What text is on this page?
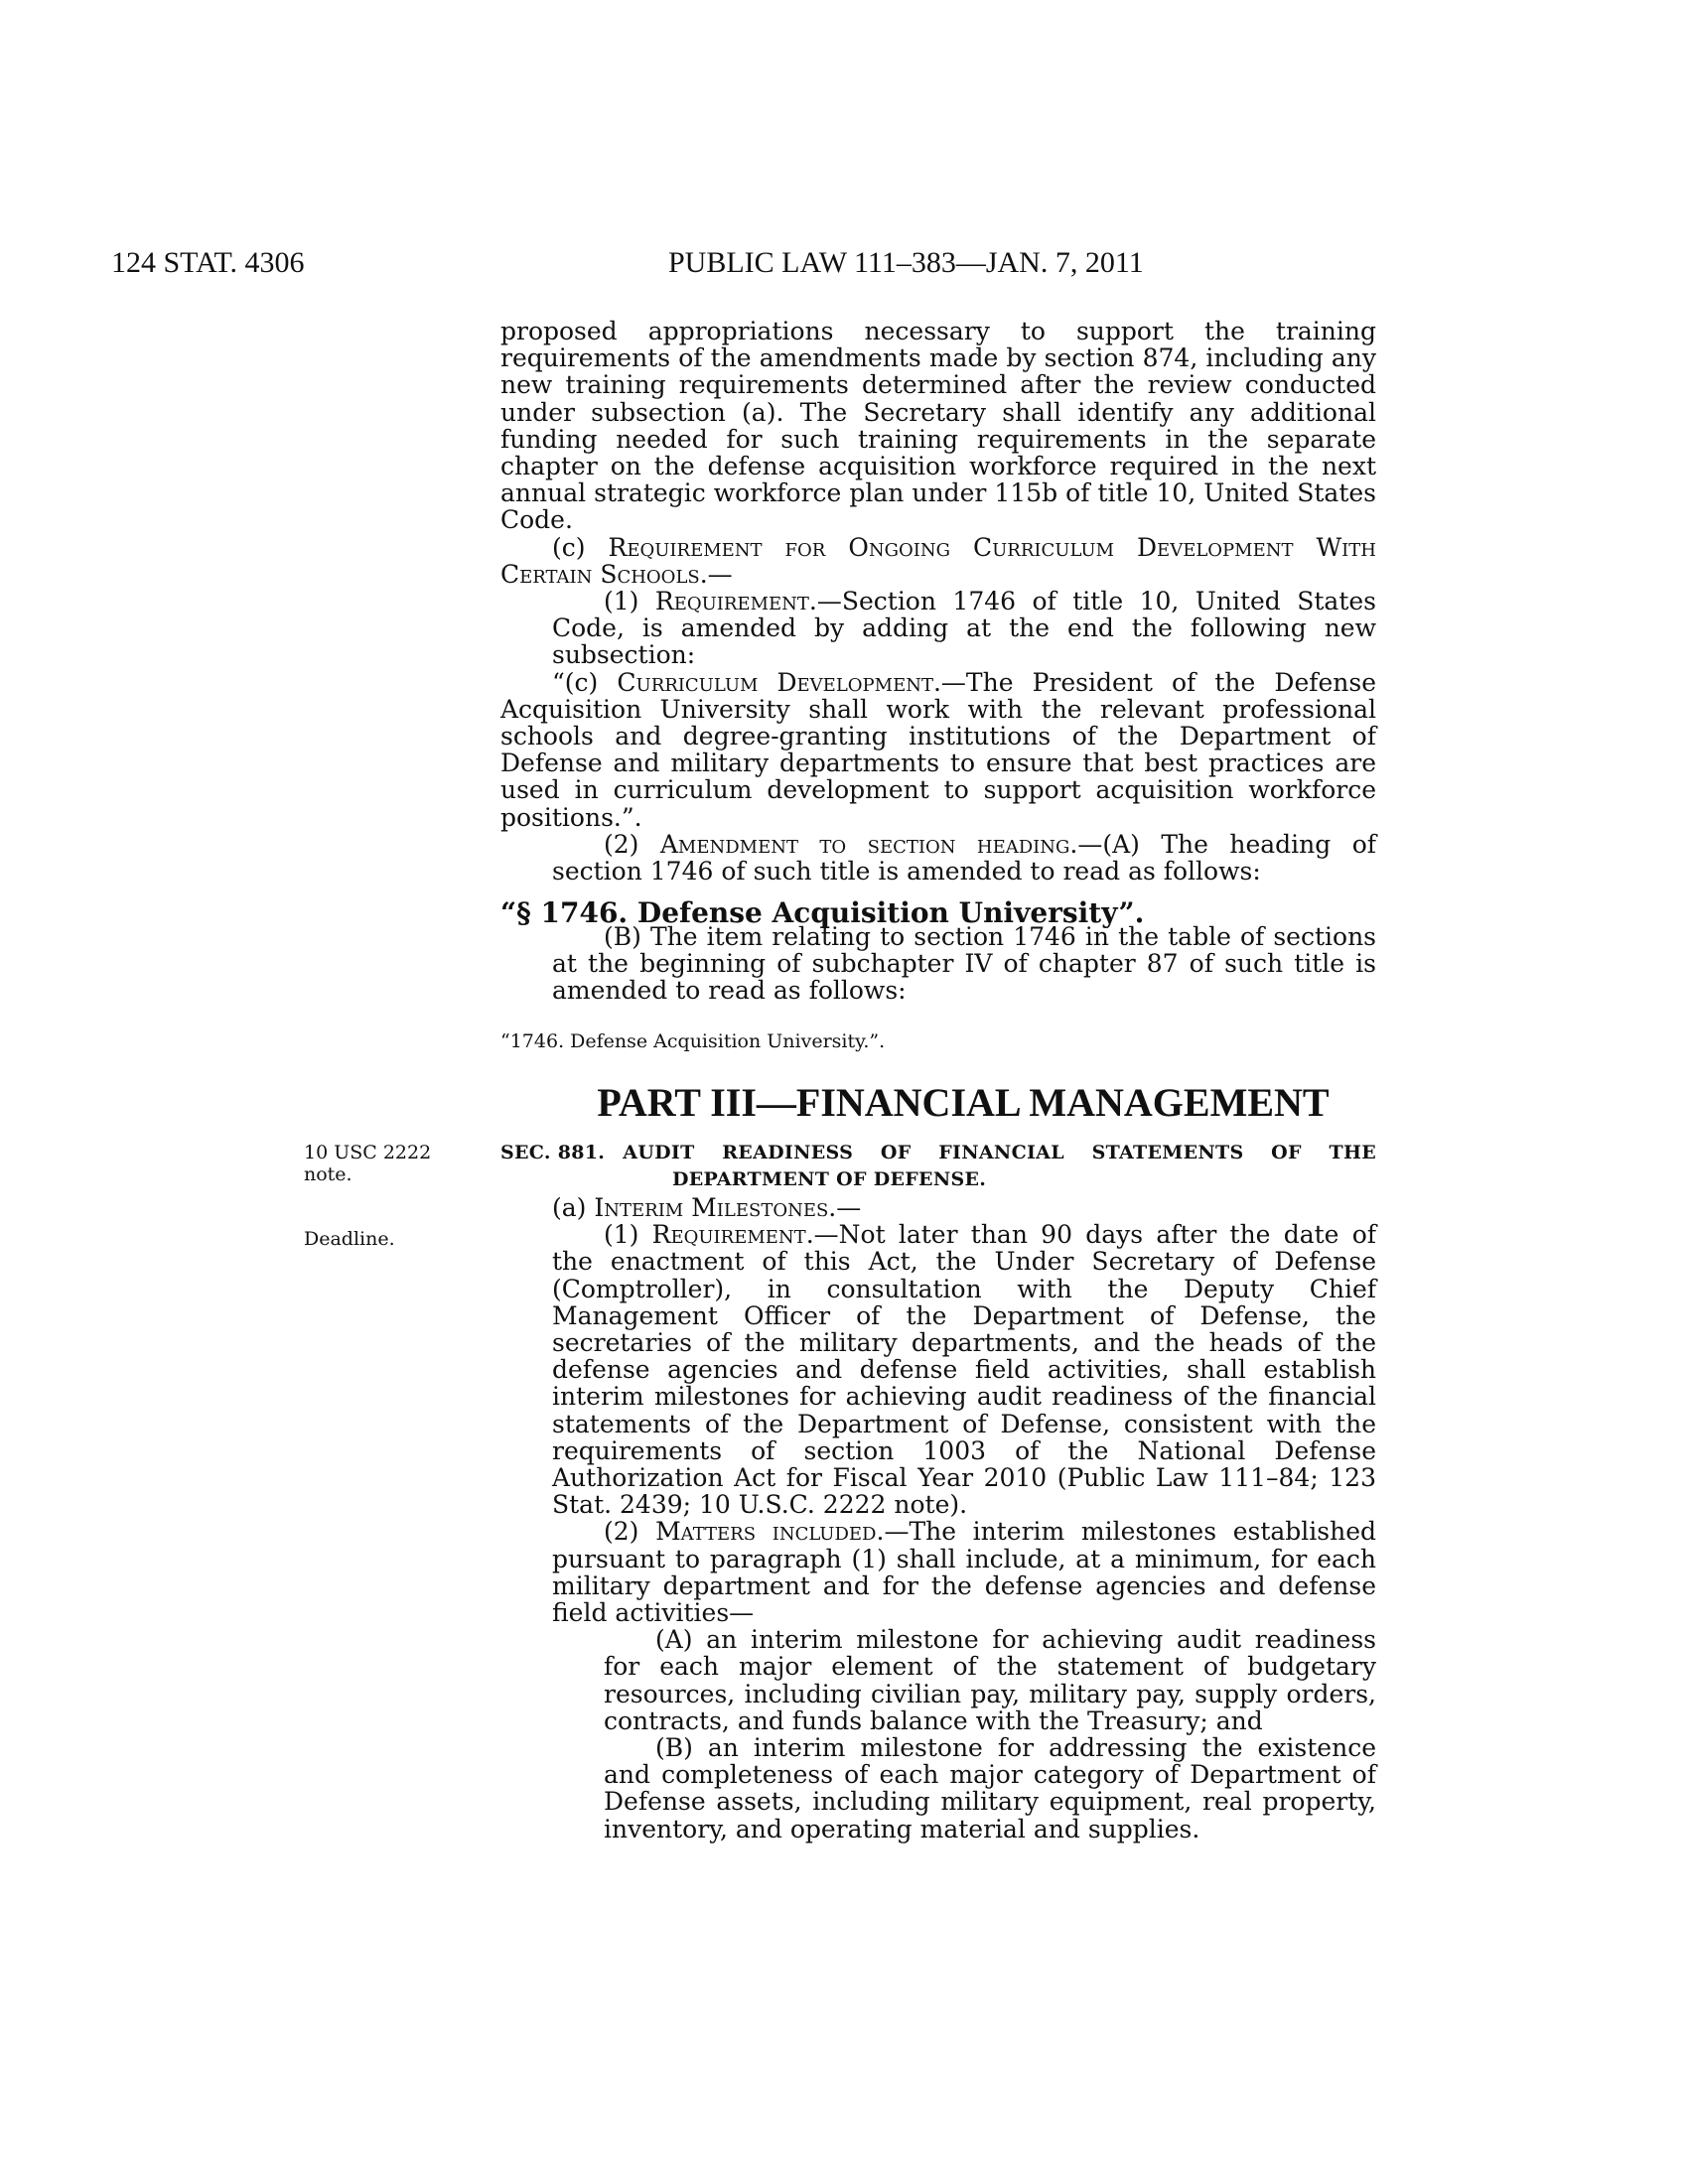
124 STAT. 4306	PUBLIC LAW 111–383—JAN. 7, 2011

proposed appropriations necessary to support the training requirements of the amendments made by section 874, including any new training requirements determined after the review conducted under subsection (a). The Secretary shall identify any additional funding needed for such training requirements in the separate chapter on the defense acquisition workforce required in the next annual strategic workforce plan under 115b of title 10, United States Code.

(c) Requirement for Ongoing Curriculum Development With Certain Schools.—

(1) Requirement.—Section 1746 of title 10, United States Code, is amended by adding at the end the following new subsection:

“(c) Curriculum Development.—The President of the Defense Acquisition University shall work with the relevant professional schools and degree-granting institutions of the Department of Defense and military departments to ensure that best practices are used in curriculum development to support acquisition workforce positions.”.

(2) Amendment to section heading.—(A) The heading of section 1746 of such title is amended to read as follows:

“§ 1746. Defense Acquisition University”.

(B) The item relating to section 1746 in the table of sections at the beginning of subchapter IV of chapter 87 of such title is amended to read as follows:

“1746. Defense Acquisition University.”.
PART III—FINANCIAL MANAGEMENT
10 USC 2222
note.
Deadline.
SEC. 881. AUDIT READINESS OF FINANCIAL STATEMENTS OF THE
DEPARTMENT OF DEFENSE.

(a) Interim Milestones.—

(1) Requirement.—Not later than 90 days after the date of the enactment of this Act, the Under Secretary of Defense (Comptroller), in consultation with the Deputy Chief Management Officer of the Department of Defense, the secretaries of the military departments, and the heads of the defense agencies and defense field activities, shall establish interim milestones for achieving audit readiness of the financial statements of the Department of Defense, consistent with the requirements of section 1003 of the National Defense Authorization Act for Fiscal Year 2010 (Public Law 111–84; 123 Stat. 2439; 10 U.S.C. 2222 note).

(2) Matters included.—The interim milestones established pursuant to paragraph (1) shall include, at a minimum, for each military department and for the defense agencies and defense field activities—

(A) an interim milestone for achieving audit readiness for each major element of the statement of budgetary resources, including civilian pay, military pay, supply orders, contracts, and funds balance with the Treasury; and

(B) an interim milestone for addressing the existence and completeness of each major category of Department of Defense assets, including military equipment, real property, inventory, and operating material and supplies.
